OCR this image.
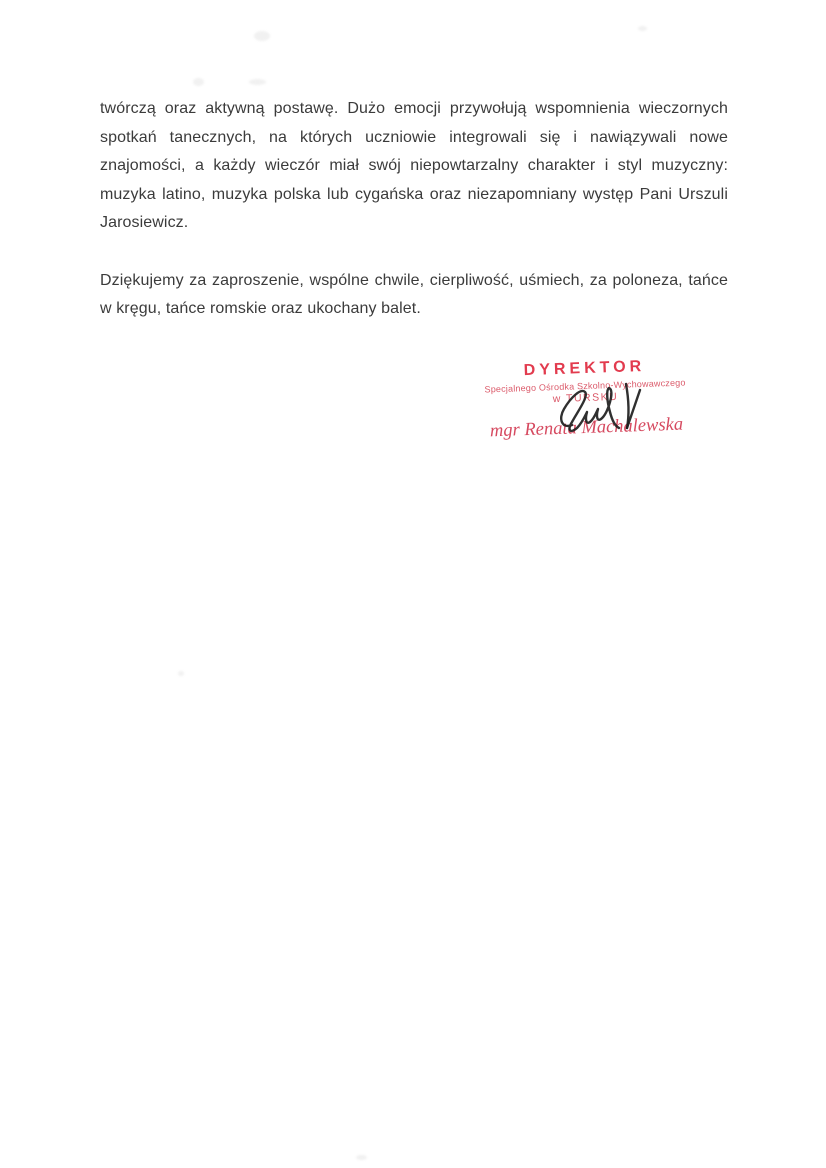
twórczą oraz aktywną postawę. Dużo emocji przywołują wspomnienia wieczornych
spotkań tanecznych, na których uczniowie integrowali się i nawiązywali nowe
znajomości, a każdy wieczór miał swój niepowtarzalny charakter i styl muzyczny:
muzyka latino, muzyka polska lub cygańska oraz niezapomniany występ Pani Urszuli
Jarosiewicz.
Dziękujemy za zaproszenie, wspólne chwile, cierpliwość, uśmiech, za poloneza, tańce
w kręgu, tańce romskie oraz ukochany balet.
DYREKTOR
Specjalnego Ośrodka Szkolno-Wychowawczego
w TURSKU
mgr Renata Machalewska
